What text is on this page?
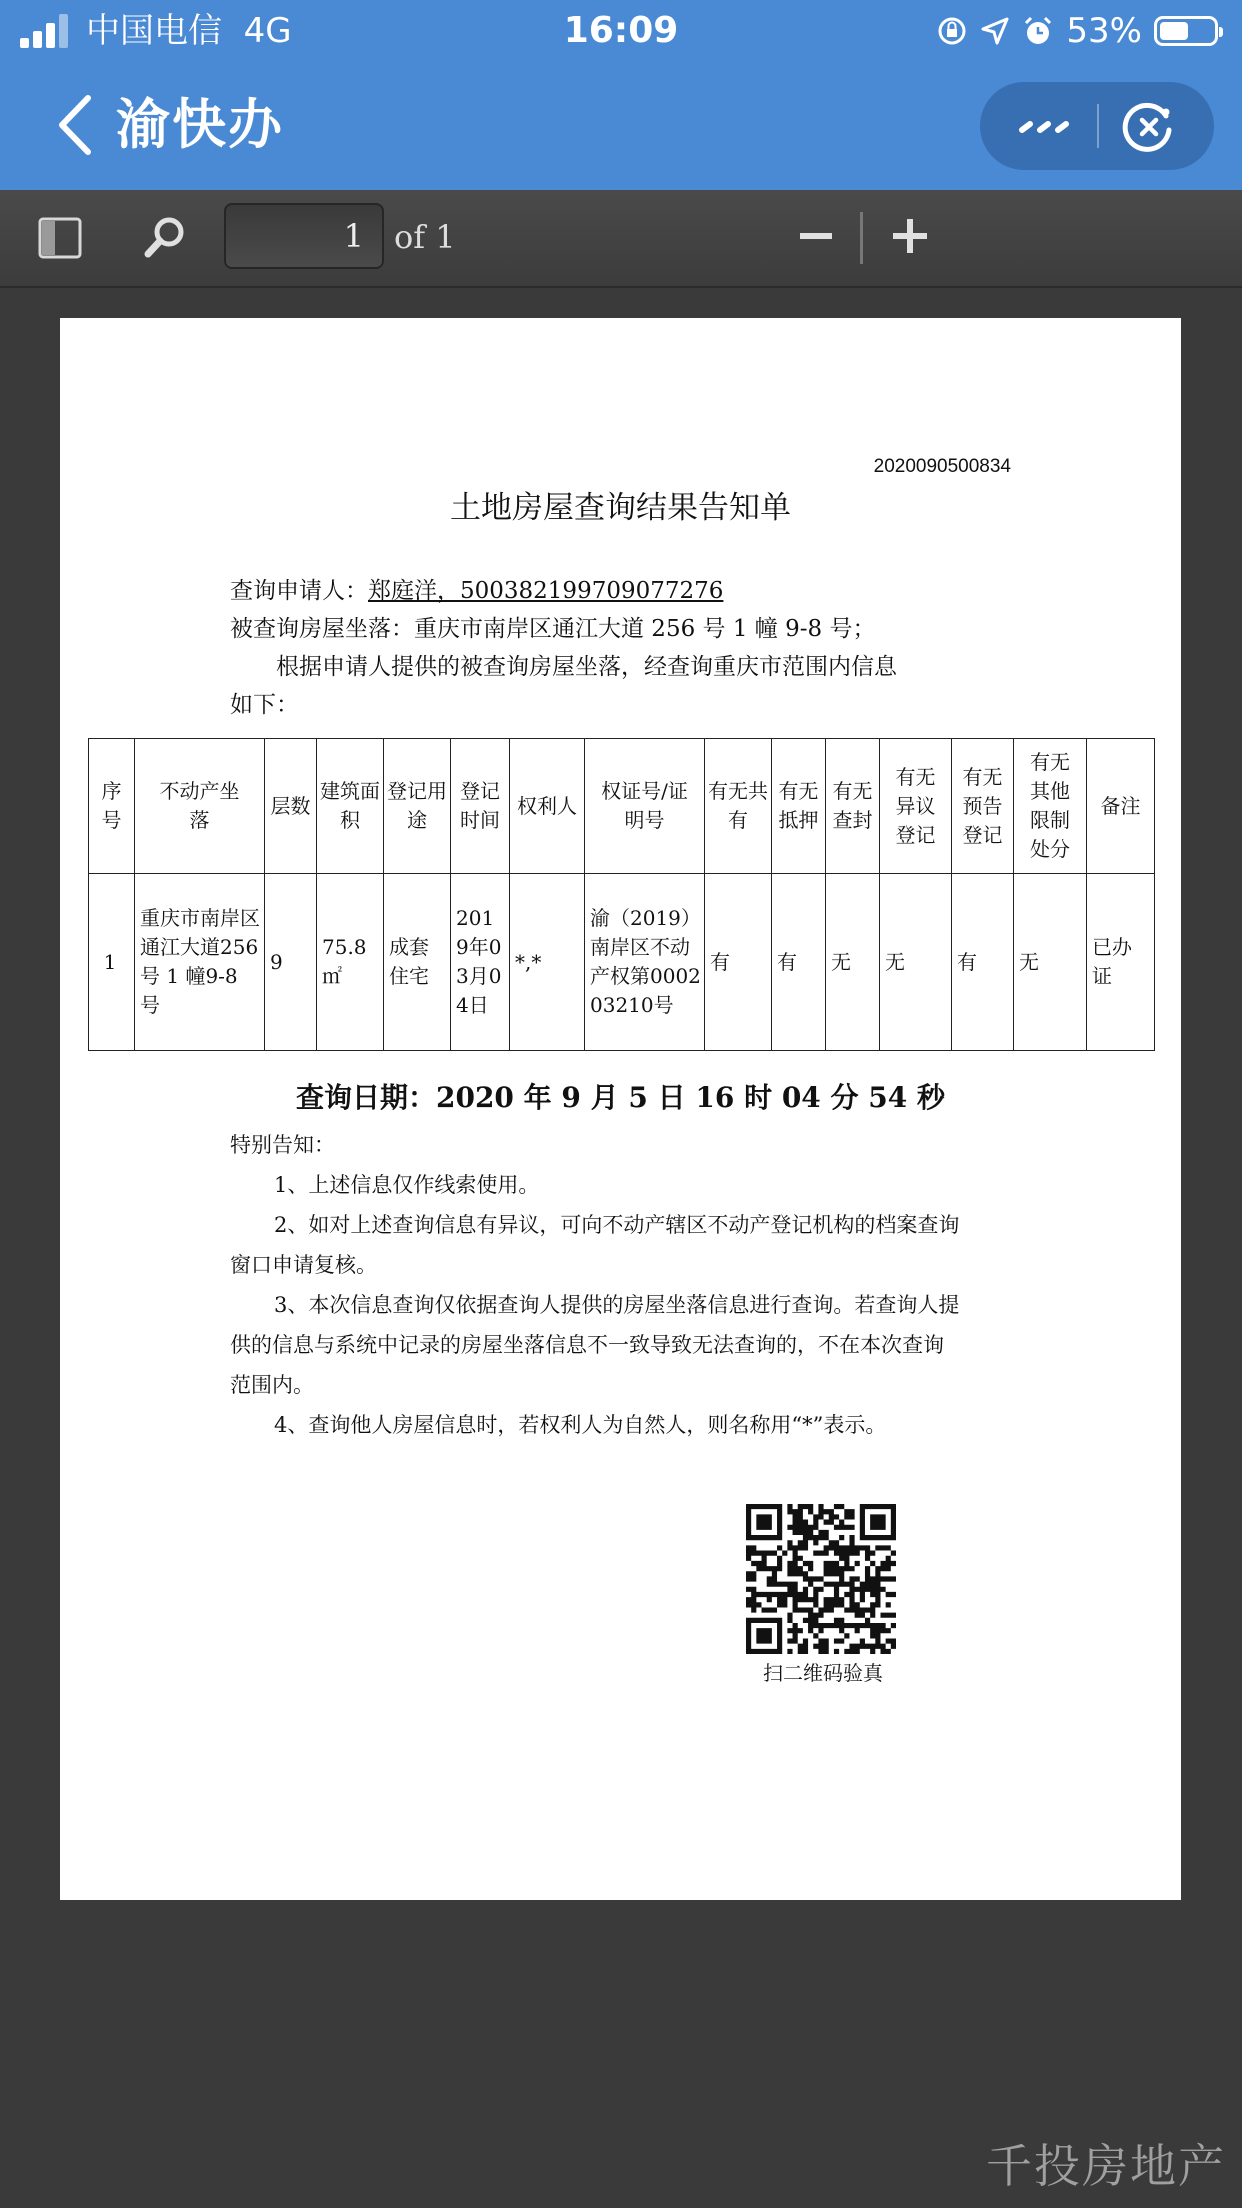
中国电信 4G	16:09	53%
渝快办
1 of 1
2020090500834
土地房屋查询结果告知单
查询申请人：郑庭洋，500382199709077276
被查询房屋坐落：重庆市南岸区通江大道 256 号 1 幢 9-8 号；
根据申请人提供的被查询房屋坐落，经查询重庆市范围内信息
如下：
序号	不动产坐落	层数	建筑面积	登记用途	登记时间	权利人	权证号/证明号	有无共有	有无抵押	有无查封	有无异议登记	有无预告登记	有无其他限制处分	备注
1	重庆市南岸区通江大道256 号 1 幢9-8 号	9	75.8㎡	成套住宅	2019年03月04日	*,*	渝（2019）南岸区不动产权第000203210号	有	有	无	无	有	无	已办证
查询日期：2020 年 9 月 5 日 16 时 04 分 54 秒
特别告知：
1、上述信息仅作线索使用。
2、如对上述查询信息有异议，可向不动产辖区不动产登记机构的档案查询
窗口申请复核。
3、本次信息查询仅依据查询人提供的房屋坐落信息进行查询。若查询人提
供的信息与系统中记录的房屋坐落信息不一致导致无法查询的，不在本次查询
范围内。
4、查询他人房屋信息时，若权利人为自然人，则名称用“*”表示。
扫二维码验真
千投房地产
